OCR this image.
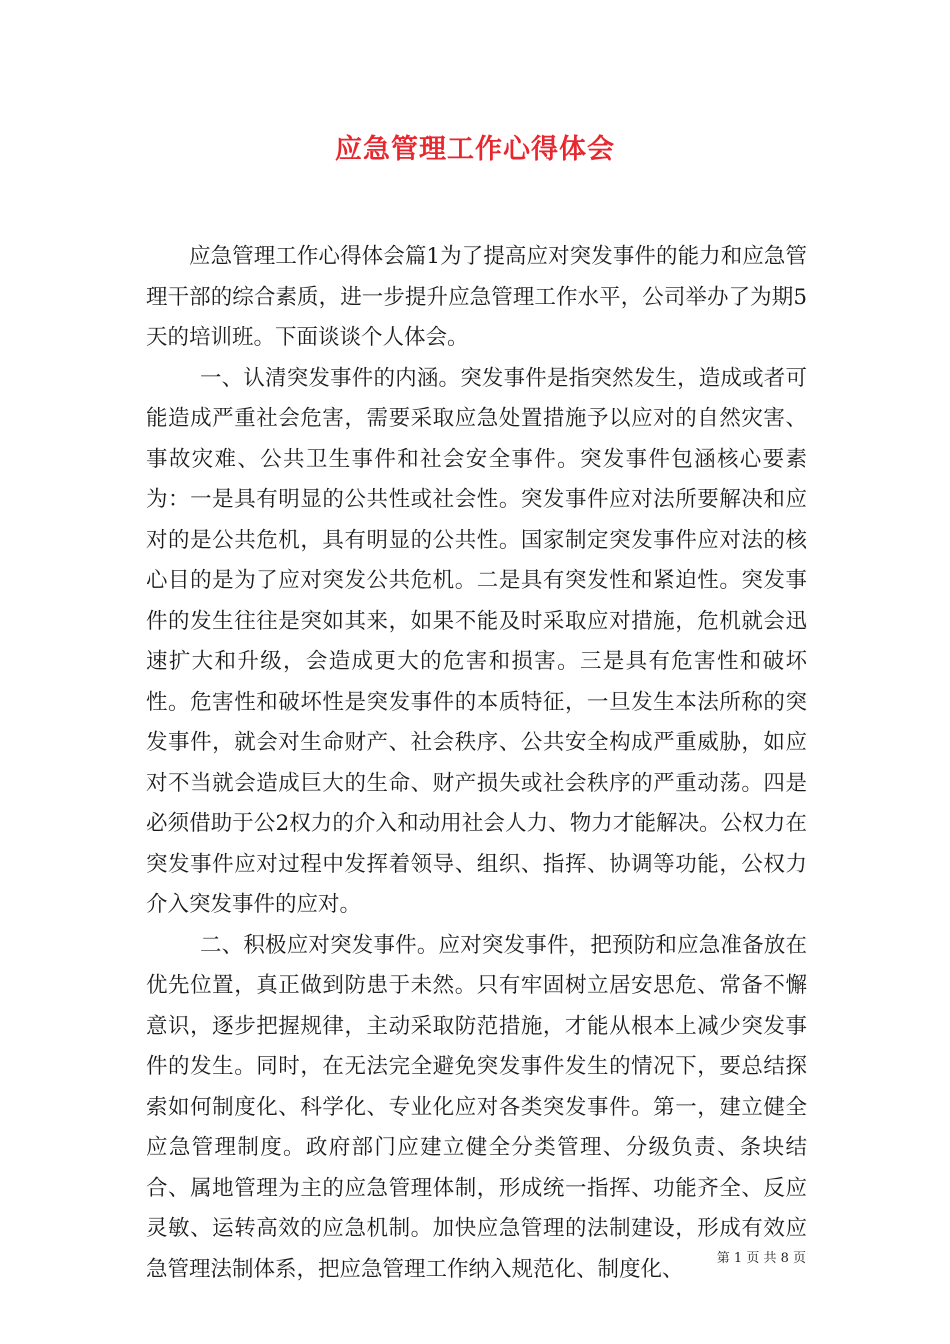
应急管理工作心得体会

应急管理工作心得体会篇1为了提高应对突发事件的能力和应急管理干部的综合素质，进一步提升应急管理工作水平，公司举办了为期5天的培训班。下面谈谈个人体会。

一、认清突发事件的内涵。突发事件是指突然发生，造成或者可能造成严重社会危害，需要采取应急处置措施予以应对的自然灾害、事故灾难、公共卫生事件和社会安全事件。突发事件包涵核心要素为：一是具有明显的公共性或社会性。突发事件应对法所要解决和应对的是公共危机，具有明显的公共性。国家制定突发事件应对法的核心目的是为了应对突发公共危机。二是具有突发性和紧迫性。突发事件的发生往往是突如其来，如果不能及时采取应对措施，危机就会迅速扩大和升级，会造成更大的危害和损害。三是具有危害性和破坏性。危害性和破坏性是突发事件的本质特征，一旦发生本法所称的突发事件，就会对生命财产、社会秩序、公共安全构成严重威胁，如应对不当就会造成巨大的生命、财产损失或社会秩序的严重动荡。四是必须借助于公2权力的介入和动用社会人力、物力才能解决。公权力在突发事件应对过程中发挥着领导、组织、指挥、协调等功能，公权力介入突发事件的应对。

二、积极应对突发事件。应对突发事件，把预防和应急准备放在优先位置，真正做到防患于未然。只有牢固树立居安思危、常备不懈意识，逐步把握规律，主动采取防范措施，才能从根本上减少突发事件的发生。同时，在无法完全避免突发事件发生的情况下，要总结探索如何制度化、科学化、专业化应对各类突发事件。第一，建立健全应急管理制度。政府部门应建立健全分类管理、分级负责、条块结合、属地管理为主的应急管理体制，形成统一指挥、功能齐全、反应灵敏、运转高效的应急机制。加快应急管理的法制建设，形成有效应急管理法制体系，把应急管理工作纳入规范化、制度化、	第 1 页 共 8 页
